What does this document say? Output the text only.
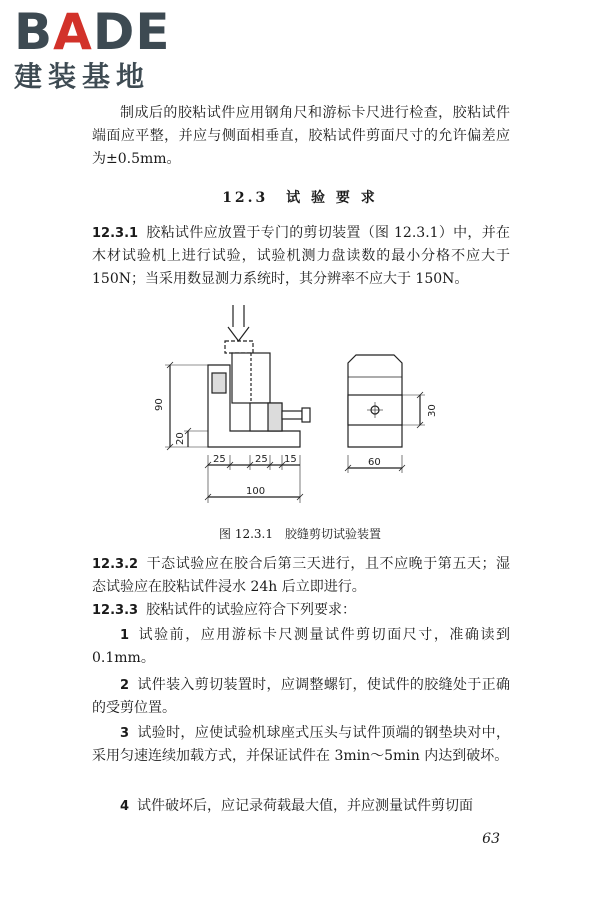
BADE
建装基地

制成后的胶粘试件应用钢角尺和游标卡尺进行检查，胶粘试件端面应平整，并应与侧面相垂直，胶粘试件剪面尺寸的允许偏差应为±0.5mm。

12.3 试 验 要 求

12.3.1 胶粘试件应放置于专门的剪切装置（图 12.3.1）中，并在木材试验机上进行试验，试验机测力盘读数的最小分格不应大于 150N；当采用数显测力系统时，其分辨率不应大于 150N。

90
20
25	25 15
100
30
60

图 12.3.1 胶缝剪切试验装置

12.3.2 干态试验应在胶合后第三天进行，且不应晚于第五天；湿态试验应在胶粘试件浸水 24h 后立即进行。

12.3.3 胶粘试件的试验应符合下列要求：

1 试验前，应用游标卡尺测量试件剪切面尺寸，准确读到 0.1mm。

2 试件装入剪切装置时，应调整螺钉，使试件的胶缝处于正确的受剪位置。

3 试验时，应使试验机球座式压头与试件顶端的钢垫块对中，采用匀速连续加载方式，并保证试件在 3min～5min 内达到破坏。

4 试件破坏后，应记录荷载最大值，并应测量试件剪切面

63
